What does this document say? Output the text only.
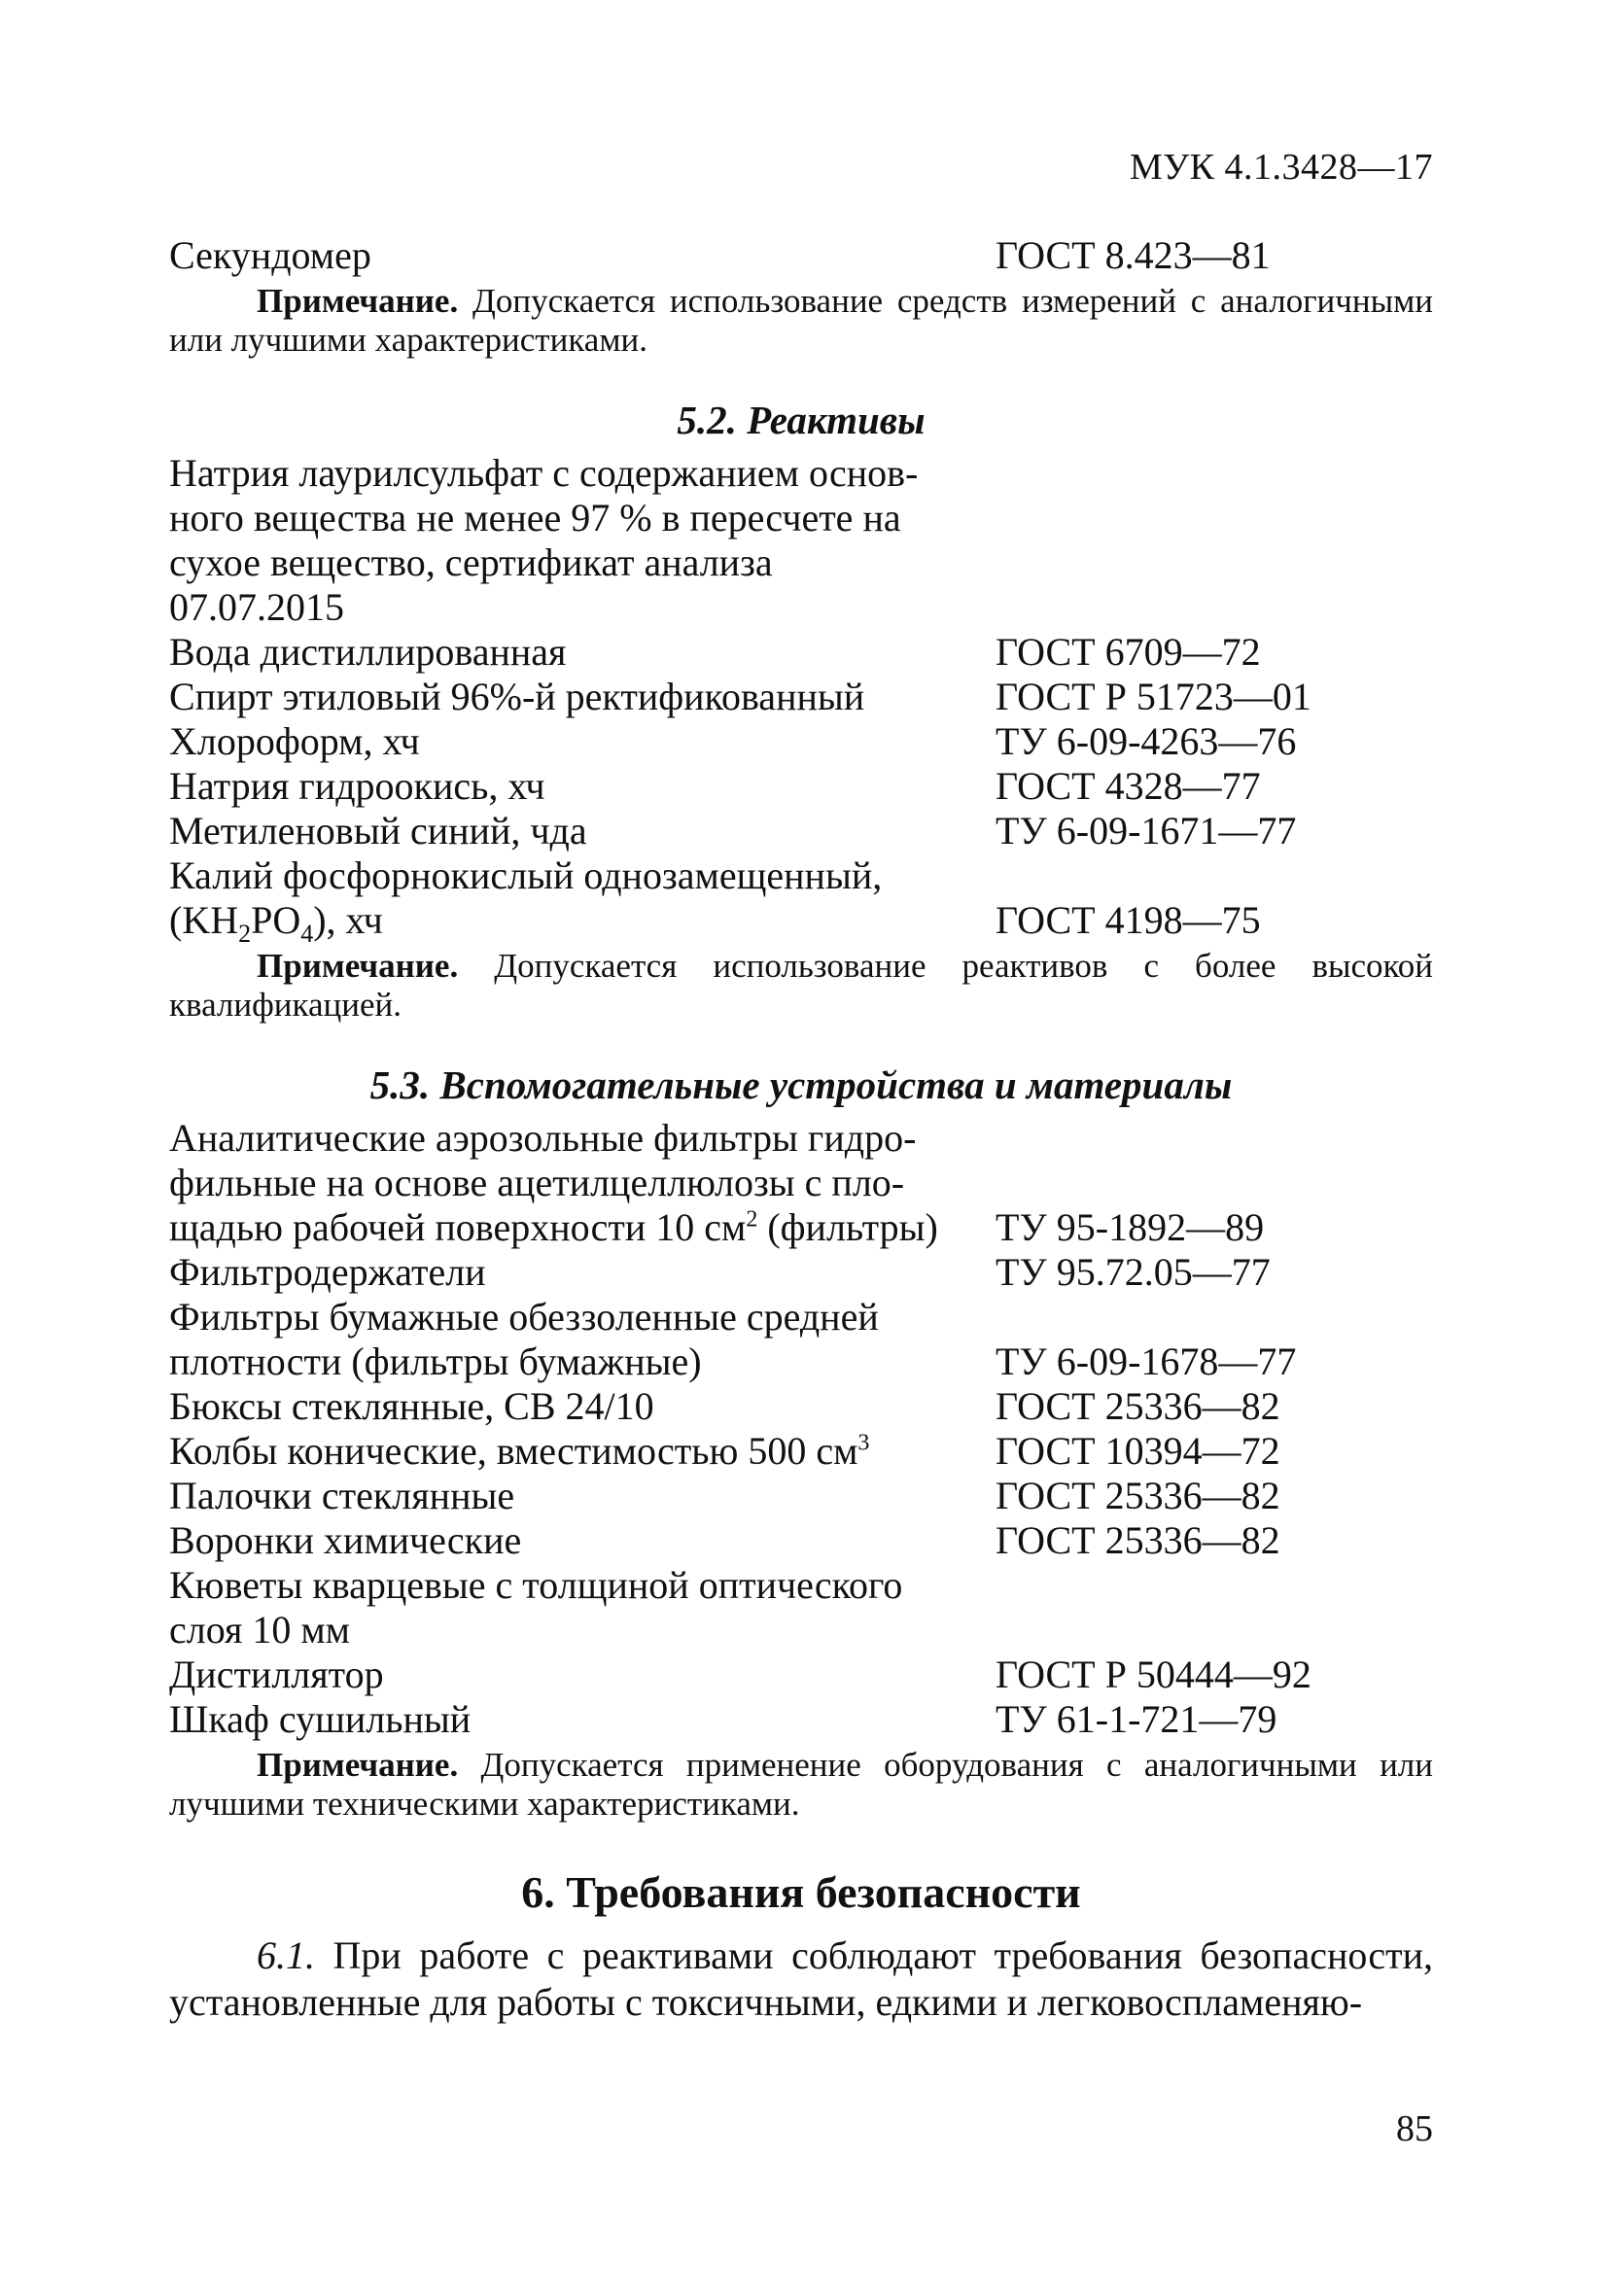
МУК 4.1.3428—17
Секундомер	ГОСТ 8.423—81
Примечание. Допускается использование средств измерений с аналогичными или лучшими характеристиками.
5.2. Реактивы
Натрия лаурилсульфат с содержанием основ-
ного вещества не менее 97 % в пересчете на
сухое вещество, сертификат анализа
07.07.2015
Вода дистиллированная	ГОСТ 6709—72
Спирт этиловый 96%-й ректификованный	ГОСТ Р 51723—01
Хлороформ, хч	ТУ 6-09-4263—76
Натрия гидроокись, хч	ГОСТ 4328—77
Метиленовый синий, чда	ТУ 6-09-1671—77
Калий фосфорнокислый однозамещенный,
$(KH_2PO_4)$, хч	ГОСТ 4198—75
Примечание. Допускается использование реактивов с более высокой квалификацией.
5.3. Вспомогательные устройства и материалы
Аналитические аэрозольные фильтры гидро-
фильные на основе ацетилцеллюлозы с пло-
щадью рабочей поверхности 10 $см^2$ (фильтры)	ТУ 95-1892—89
Фильтродержатели	ТУ 95.72.05—77
Фильтры бумажные обеззоленные средней
плотности (фильтры бумажные)	ТУ 6-09-1678—77
Бюксы стеклянные, СВ 24/10	ГОСТ 25336—82
Колбы конические, вместимостью 500 $см^3$	ГОСТ 10394—72
Палочки стеклянные	ГОСТ 25336—82
Воронки химические	ГОСТ 25336—82
Кюветы кварцевые с толщиной оптического
слоя 10 мм
Дистиллятор	ГОСТ Р 50444—92
Шкаф сушильный	ТУ 61-1-721—79
Примечание. Допускается применение оборудования с аналогичными или лучшими техническими характеристиками.
6. Требования безопасности
6.1. При работе с реактивами соблюдают требования безопасности, установленные для работы с токсичными, едкими и легковоспламеняю-
85
